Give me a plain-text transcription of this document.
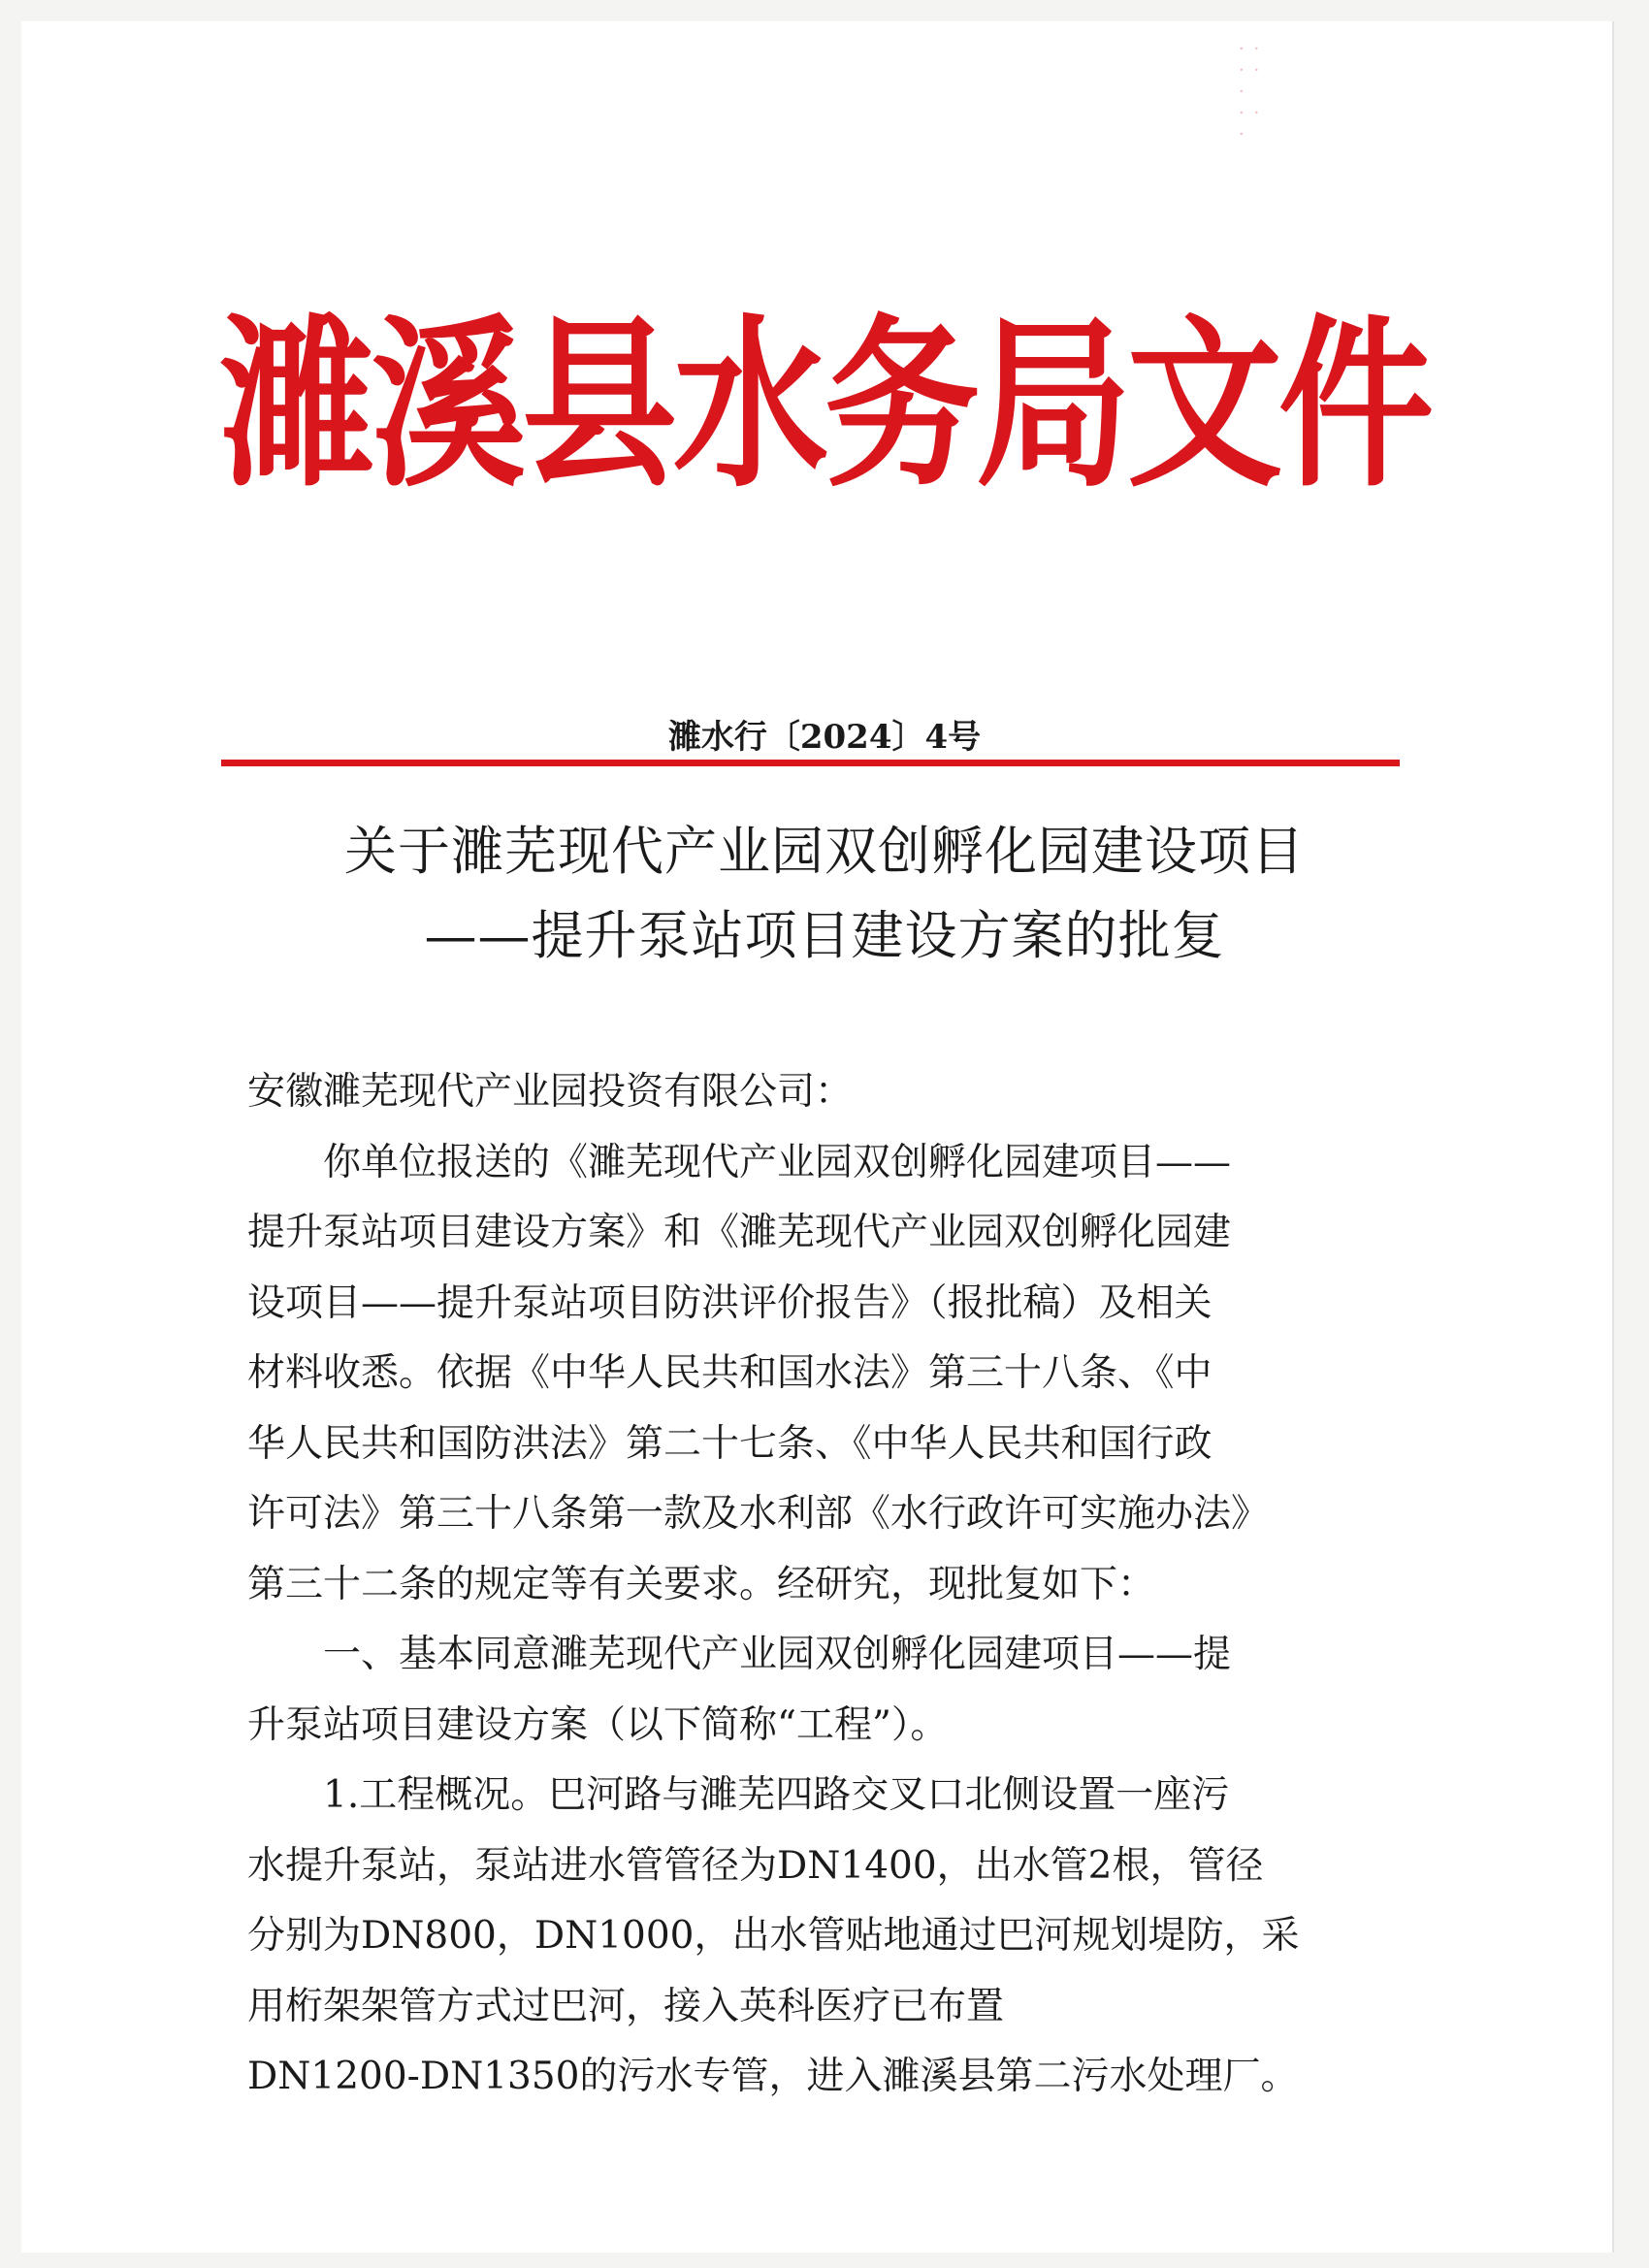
· ·
· ·
·
· ·
·
濉溪县水务局文件
濉水行〔2024〕4号
关于濉芜现代产业园双创孵化园建设项目
——提升泵站项目建设方案的批复
安徽濉芜现代产业园投资有限公司：
你单位报送的《濉芜现代产业园双创孵化园建项目——
提升泵站项目建设方案》和《濉芜现代产业园双创孵化园建
设项目——提升泵站项目防洪评价报告》（报批稿）及相关
材料收悉。依据《中华人民共和国水法》第三十八条、《中
华人民共和国防洪法》第二十七条、《中华人民共和国行政
许可法》第三十八条第一款及水利部《水行政许可实施办法》
第三十二条的规定等有关要求。经研究，现批复如下：
一、基本同意濉芜现代产业园双创孵化园建项目——提
升泵站项目建设方案（以下简称“工程”）。
1.工程概况。巴河路与濉芜四路交叉口北侧设置一座污
水提升泵站，泵站进水管管径为DN1400，出水管2根，管径
分别为DN800，DN1000，出水管贴地通过巴河规划堤防，采
用桁架架管方式过巴河，接入英科医疗已布置
DN1200-DN1350的污水专管，进入濉溪县第二污水处理厂。
